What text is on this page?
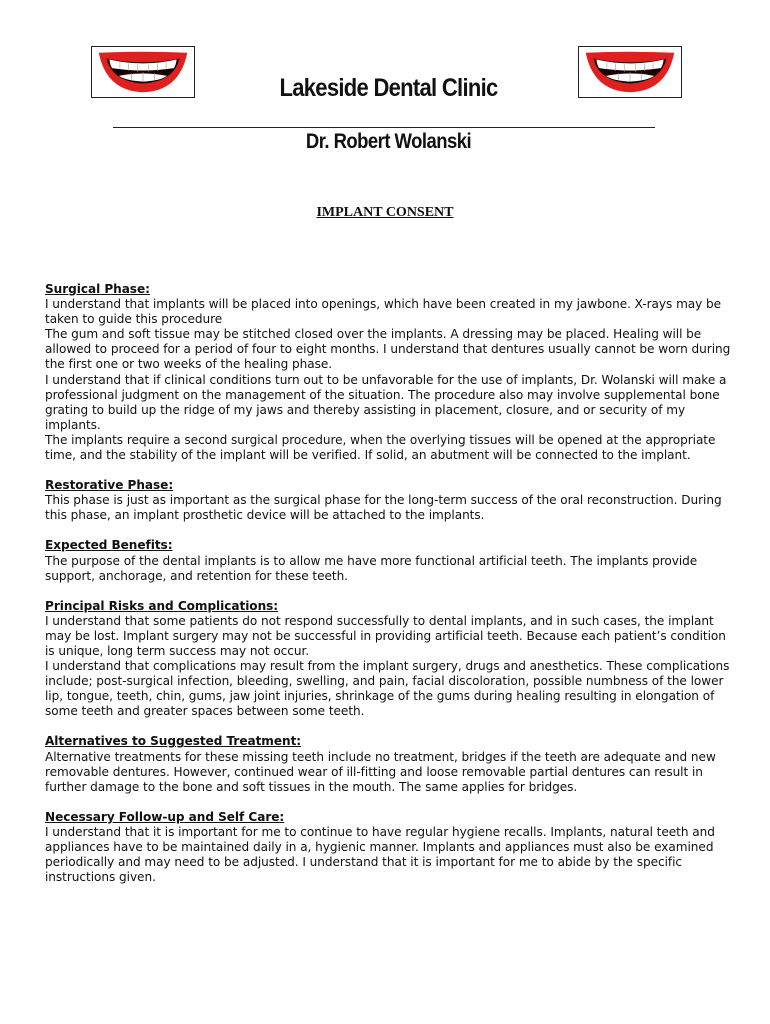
Lakeside Dental Clinic
Dr. Robert Wolanski
IMPLANT CONSENT
Surgical Phase:
I understand that implants will be placed into openings, which have been created in my jawbone. X-rays may be taken to guide this procedure
The gum and soft tissue may be stitched closed over the implants. A dressing may be placed. Healing will be allowed to proceed for a period of four to eight months. I understand that dentures usually cannot be worn during the first one or two weeks of the healing phase.
I understand that if clinical conditions turn out to be unfavorable for the use of implants, Dr. Wolanski will make a professional judgment on the management of the situation. The procedure also may involve supplemental bone grating to build up the ridge of my jaws and thereby assisting in placement, closure, and or security of my implants.
The implants require a second surgical procedure, when the overlying tissues will be opened at the appropriate time, and the stability of the implant will be verified. If solid, an abutment will be connected to the implant.
Restorative Phase:
This phase is just as important as the surgical phase for the long-term success of the oral reconstruction. During this phase, an implant prosthetic device will be attached to the implants.
Expected Benefits:
The purpose of the dental implants is to allow me have more functional artificial teeth. The implants provide support, anchorage, and retention for these teeth.
Principal Risks and Complications:
I understand that some patients do not respond successfully to dental implants, and in such cases, the implant may be lost. Implant surgery may not be successful in providing artificial teeth. Because each patient’s condition is unique, long term success may not occur.
I understand that complications may result from the implant surgery, drugs and anesthetics. These complications include; post-surgical infection, bleeding, swelling, and pain, facial discoloration, possible numbness of the lower lip, tongue, teeth, chin, gums, jaw joint injuries, shrinkage of the gums during healing resulting in elongation of some teeth and greater spaces between some teeth.
Alternatives to Suggested Treatment:
Alternative treatments for these missing teeth include no treatment, bridges if the teeth are adequate and new removable dentures. However, continued wear of ill-fitting and loose removable partial dentures can result in further damage to the bone and soft tissues in the mouth. The same applies for bridges.
Necessary Follow-up and Self Care:
I understand that it is important for me to continue to have regular hygiene recalls. Implants, natural teeth and appliances have to be maintained daily in a, hygienic manner. Implants and appliances must also be examined periodically and may need to be adjusted. I understand that it is important for me to abide by the specific instructions given.
